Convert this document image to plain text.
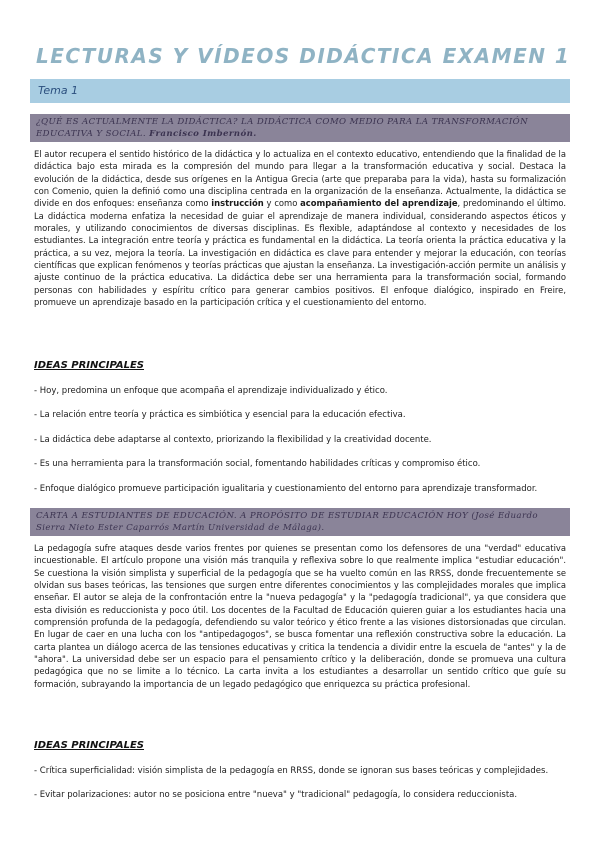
LECTURAS Y VÍDEOS DIDÁCTICA EXAMEN 1
Tema 1
¿QUÉ ES ACTUALMENTE LA DIDÁCTICA? LA DIDÁCTICA COMO MEDIO PARA LA TRANSFORMACIÓN EDUCATIVA Y SOCIAL. Francisco Imbernón.
El autor recupera el sentido histórico de la didáctica y lo actualiza en el contexto educativo, entendiendo que la finalidad de la didáctica bajo esta mirada es la compresión del mundo para llegar a la transformación educativa y social. Destaca la evolución de la didáctica, desde sus orígenes en la Antigua Grecia (arte que preparaba para la vida), hasta su formalización con Comenio, quien la definió como una disciplina centrada en la organización de la enseñanza. Actualmente, la didáctica se divide en dos enfoques: enseñanza como instrucción y como acompañamiento del aprendizaje, predominando el último. La didáctica moderna enfatiza la necesidad de guiar el aprendizaje de manera individual, considerando aspectos éticos y morales, y utilizando conocimientos de diversas disciplinas. Es flexible, adaptándose al contexto y necesidades de los estudiantes. La integración entre teoría y práctica es fundamental en la didáctica. La teoría orienta la práctica educativa y la práctica, a su vez, mejora la teoría. La investigación en didáctica es clave para entender y mejorar la educación, con teorías científicas que explican fenómenos y teorías prácticas que ajustan la enseñanza. La investigación-acción permite un análisis y ajuste continuo de la práctica educativa. La didáctica debe ser una herramienta para la transformación social, formando personas con habilidades y espíritu crítico para generar cambios positivos. El enfoque dialógico, inspirado en Freire, promueve un aprendizaje basado en la participación crítica y el cuestionamiento del entorno.
IDEAS PRINCIPALES
- Hoy, predomina un enfoque que acompaña el aprendizaje individualizado y ético.
- La relación entre teoría y práctica es simbiótica y esencial para la educación efectiva.
- La didáctica debe adaptarse al contexto, priorizando la flexibilidad y la creatividad docente.
- Es una herramienta para la transformación social, fomentando habilidades críticas y compromiso ético.
- Enfoque dialógico promueve participación igualitaria y cuestionamiento del entorno para aprendizaje transformador.
CARTA A ESTUDIANTES DE EDUCACIÓN. A PROPÓSITO DE ESTUDIAR EDUCACIÓN HOY (José Eduardo Sierra Nieto Ester Caparrós Martín Universidad de Málaga).
La pedagogía sufre ataques desde varios frentes por quienes se presentan como los defensores de una "verdad" educativa incuestionable. El artículo propone una visión más tranquila y reflexiva sobre lo que realmente implica "estudiar educación". Se cuestiona la visión simplista y superficial de la pedagogía que se ha vuelto común en las RRSS, donde frecuentemente se olvidan sus bases teóricas, las tensiones que surgen entre diferentes conocimientos y las complejidades morales que implica enseñar. El autor se aleja de la confrontación entre la "nueva pedagogía" y la "pedagogía tradicional", ya que considera que esta división es reduccionista y poco útil. Los docentes de la Facultad de Educación quieren guiar a los estudiantes hacia una comprensión profunda de la pedagogía, defendiendo su valor teórico y ético frente a las visiones distorsionadas que circulan. En lugar de caer en una lucha con los "antipedagogos", se busca fomentar una reflexión constructiva sobre la educación. La carta plantea un diálogo acerca de las tensiones educativas y critica la tendencia a dividir entre la escuela de "antes" y la de "ahora". La universidad debe ser un espacio para el pensamiento crítico y la deliberación, donde se promueva una cultura pedagógica que no se limite a lo técnico. La carta invita a los estudiantes a desarrollar un sentido crítico que guíe su formación, subrayando la importancia de un legado pedagógico que enriquezca su práctica profesional.
IDEAS PRINCIPALES
- Crítica superficialidad: visión simplista de la pedagogía en RRSS, donde se ignoran sus bases teóricas y complejidades.
- Evitar polarizaciones: autor no se posiciona entre "nueva" y "tradicional" pedagogía, lo considera reduccionista.
